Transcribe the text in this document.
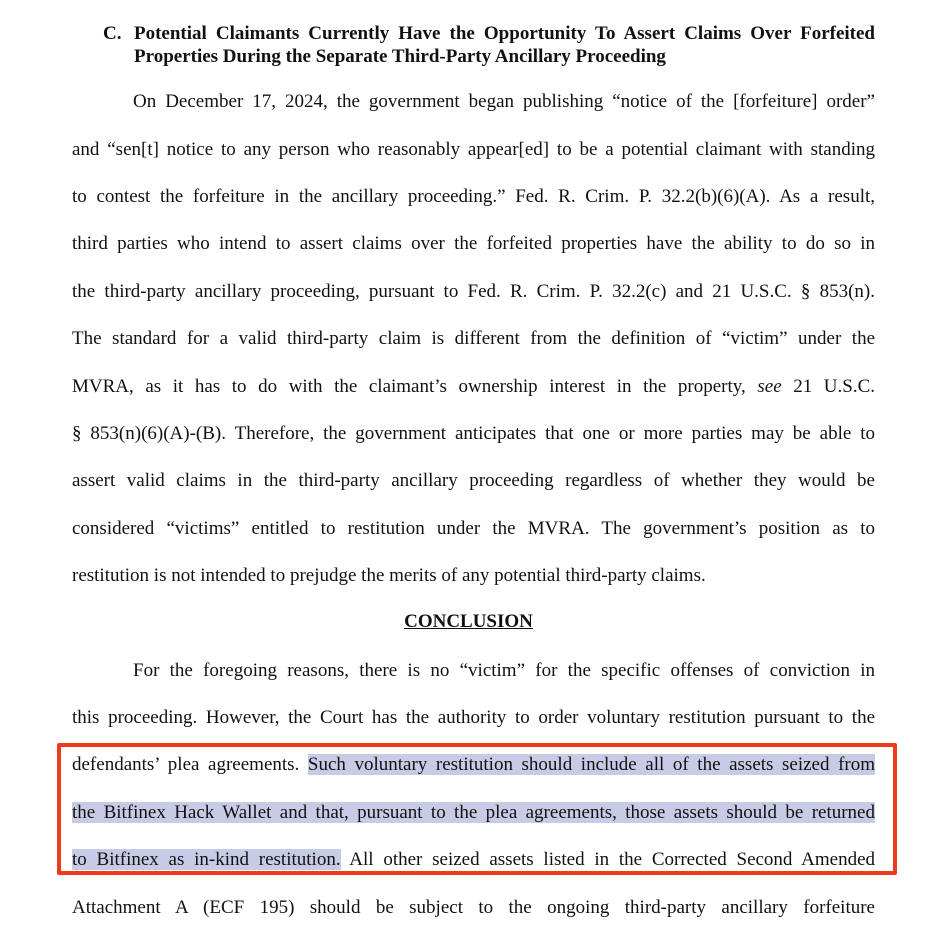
C. Potential Claimants Currently Have the Opportunity To Assert Claims Over Forfeited Properties During the Separate Third-Party Ancillary Proceeding
On December 17, 2024, the government began publishing “notice of the [forfeiture] order”
and “sen[t] notice to any person who reasonably appear[ed] to be a potential claimant with standing
to contest the forfeiture in the ancillary proceeding.” Fed. R. Crim. P. 32.2(b)(6)(A). As a result,
third parties who intend to assert claims over the forfeited properties have the ability to do so in
the third-party ancillary proceeding, pursuant to Fed. R. Crim. P. 32.2(c) and 21 U.S.C. § 853(n).
The standard for a valid third-party claim is different from the definition of “victim” under the
MVRA, as it has to do with the claimant’s ownership interest in the property, see 21 U.S.C.
§ 853(n)(6)(A)-(B). Therefore, the government anticipates that one or more parties may be able to
assert valid claims in the third-party ancillary proceeding regardless of whether they would be
considered “victims” entitled to restitution under the MVRA. The government’s position as to
restitution is not intended to prejudge the merits of any potential third-party claims.
CONCLUSION
For the foregoing reasons, there is no “victim” for the specific offenses of conviction in
this proceeding. However, the Court has the authority to order voluntary restitution pursuant to the
defendants’ plea agreements. Such voluntary restitution should include all of the assets seized from
the Bitfinex Hack Wallet and that, pursuant to the plea agreements, those assets should be returned
to Bitfinex as in-kind restitution. All other seized assets listed in the Corrected Second Amended
Attachment A (ECF 195) should be subject to the ongoing third-party ancillary forfeiture
